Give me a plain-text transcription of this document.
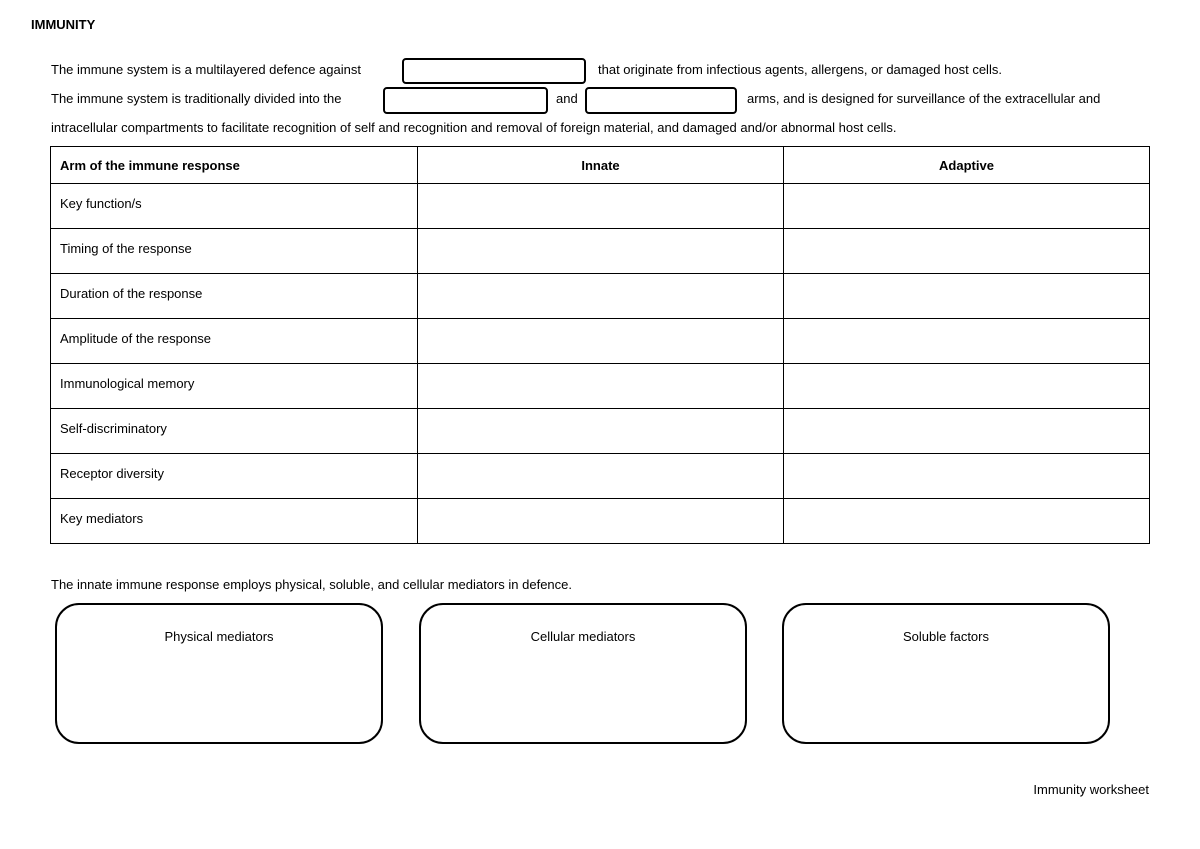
IMMUNITY
The immune system is a multilayered defence against	that originate from infectious agents, allergens, or damaged host cells.
The immune system is traditionally divided into the	and	arms, and is designed for surveillance of the extracellular and
intracellular compartments to facilitate recognition of self and recognition and removal of foreign material, and damaged and/or abnormal host cells.
Arm of the immune response	Innate	Adaptive
Key function/s		
Timing of the response		
Duration of the response		
Amplitude of the response		
Immunological memory		
Self-discriminatory		
Receptor diversity		
Key mediators		
The innate immune response employs physical, soluble, and cellular mediators in defence.
Physical mediators	Cellular mediators	Soluble factors
Immunity worksheet
